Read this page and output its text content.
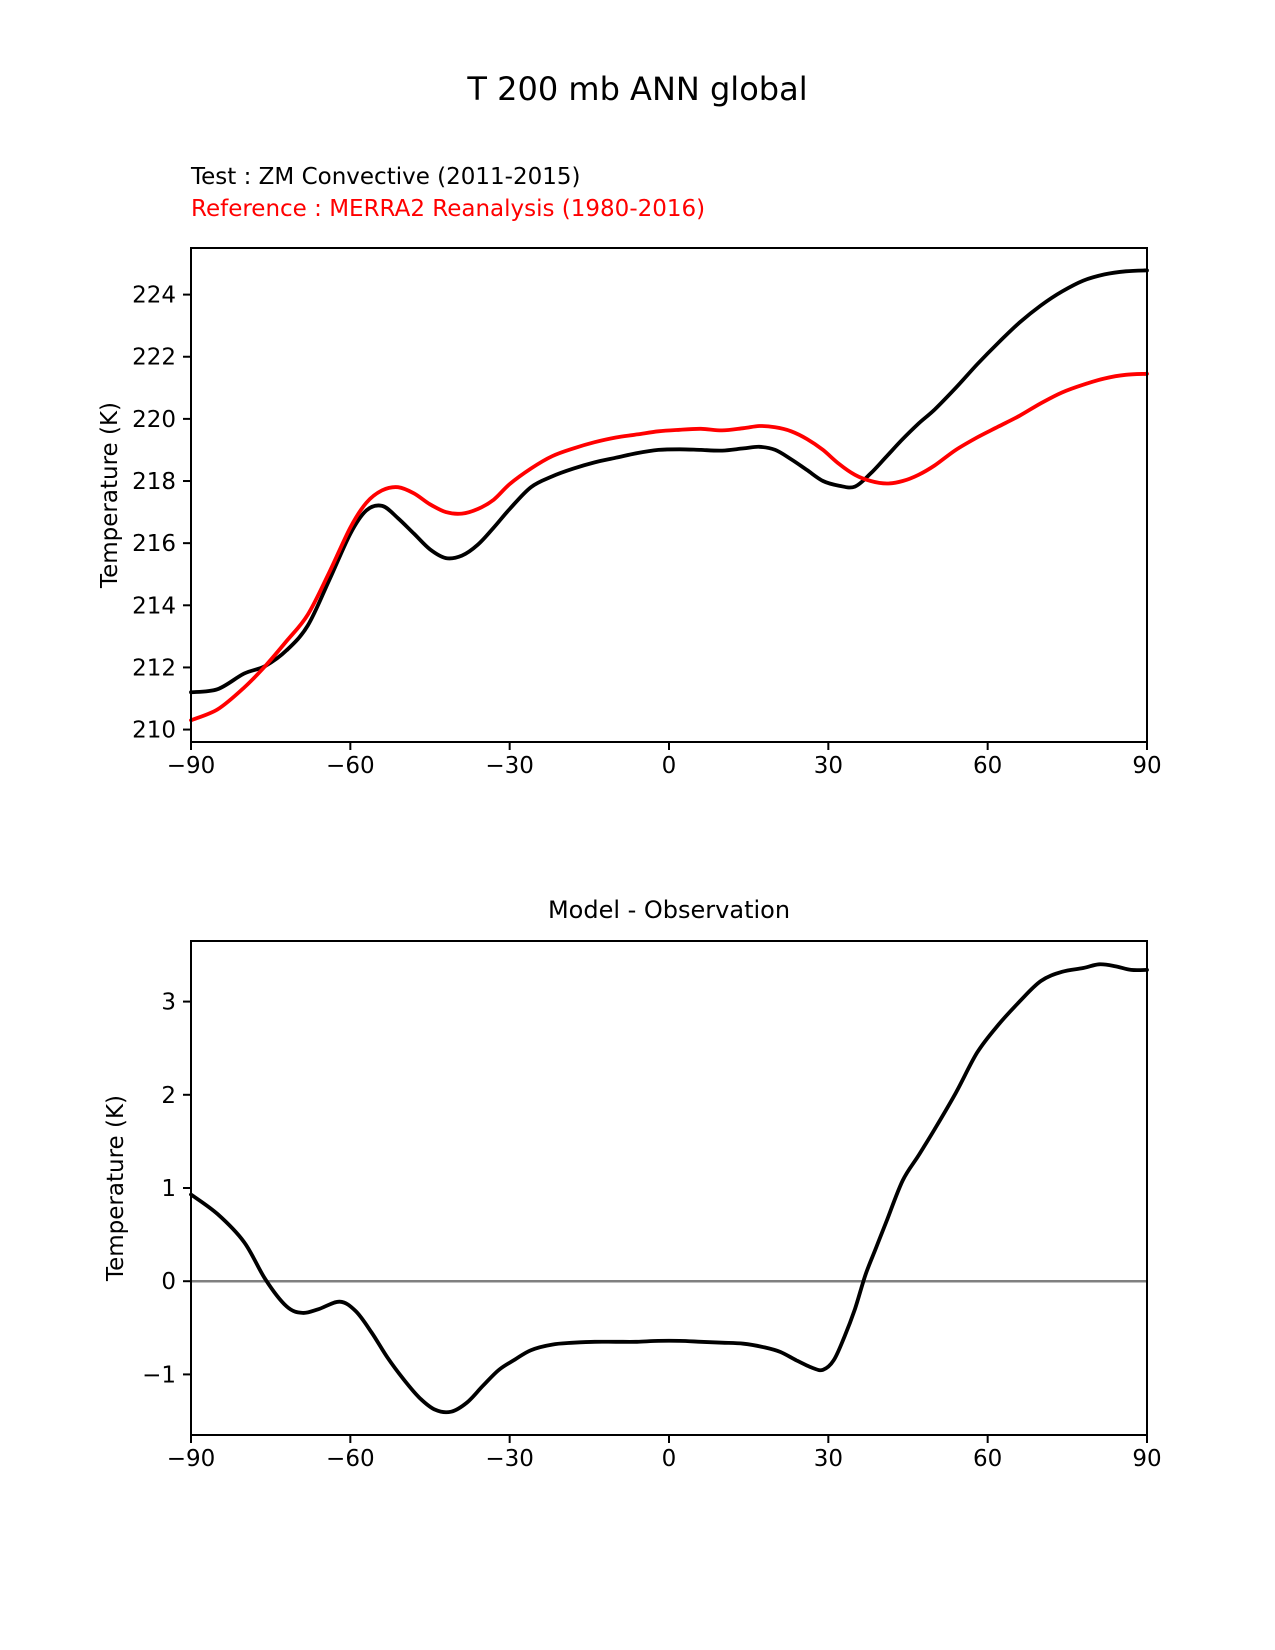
T 200 mb ANN global
Test : ZM Convective (2011-2015)
Reference : MERRA2 Reanalysis (1980-2016)
Temperature (K)
Temperature (K)
Model - Observation
−90	−60	−30	0	30	60	90
210
212
214
216
218
220
222
224
−90	−60	−30	0	30	60	90
−1
0
1
2
3
